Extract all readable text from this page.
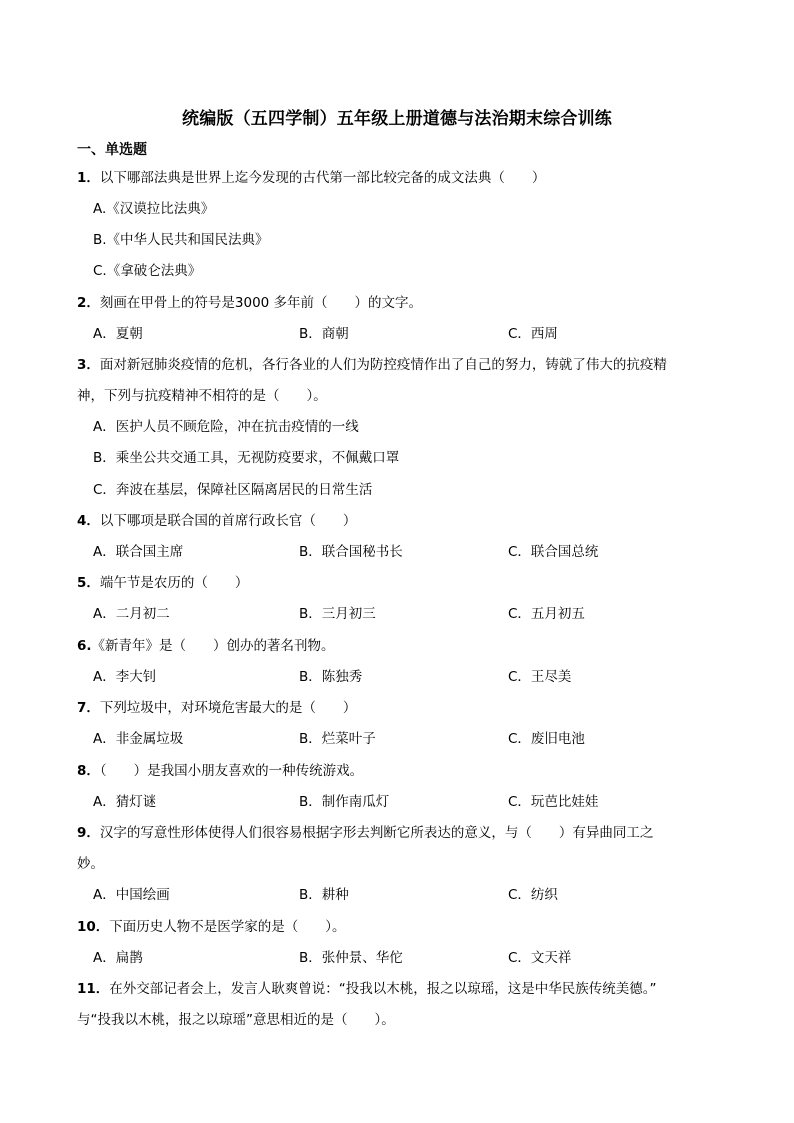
统编版（五四学制）五年级上册道德与法治期末综合训练
一、单选题
1．以下哪部法典是世界上迄今发现的古代第一部比较完备的成文法典（　　）
A.《汉谟拉比法典》
B.《中华人民共和国民法典》
C.《拿破仑法典》
2．刻画在甲骨上的符号是3000 多年前（　　）的文字。
A．夏朝	B．商朝	C．西周
3．面对新冠肺炎疫情的危机，各行各业的人们为防控疫情作出了自己的努力，铸就了伟大的抗疫精
神，下列与抗疫精神不相符的是（　　）。
A．医护人员不顾危险，冲在抗击疫情的一线
B．乘坐公共交通工具，无视防疫要求，不佩戴口罩
C．奔波在基层，保障社区隔离居民的日常生活
4．以下哪项是联合国的首席行政长官（　　）
A．联合国主席	B．联合国秘书长	C．联合国总统
5．端午节是农历的（　　）
A．二月初二	B．三月初三	C．五月初五
6.《新青年》是（　　）创办的著名刊物。
A．李大钊	B．陈独秀	C．王尽美
7．下列垃圾中，对环境危害最大的是（　　）
A．非金属垃圾	B．烂菜叶子	C．废旧电池
8．（　　）是我国小朋友喜欢的一种传统游戏。
A．猜灯谜	B．制作南瓜灯	C．玩芭比娃娃
9．汉字的写意性形体使得人们很容易根据字形去判断它所表达的意义，与（　　）有异曲同工之
妙。
A．中国绘画	B．耕种	C．纺织
10．下面历史人物不是医学家的是（　　）。
A．扁鹊	B．张仲景、华佗	C．文天祥
11．在外交部记者会上，发言人耿爽曾说：“投我以木桃，报之以琼瑶，这是中华民族传统美德。”
与“投我以木桃，报之以琼瑶”意思相近的是（　　）。
